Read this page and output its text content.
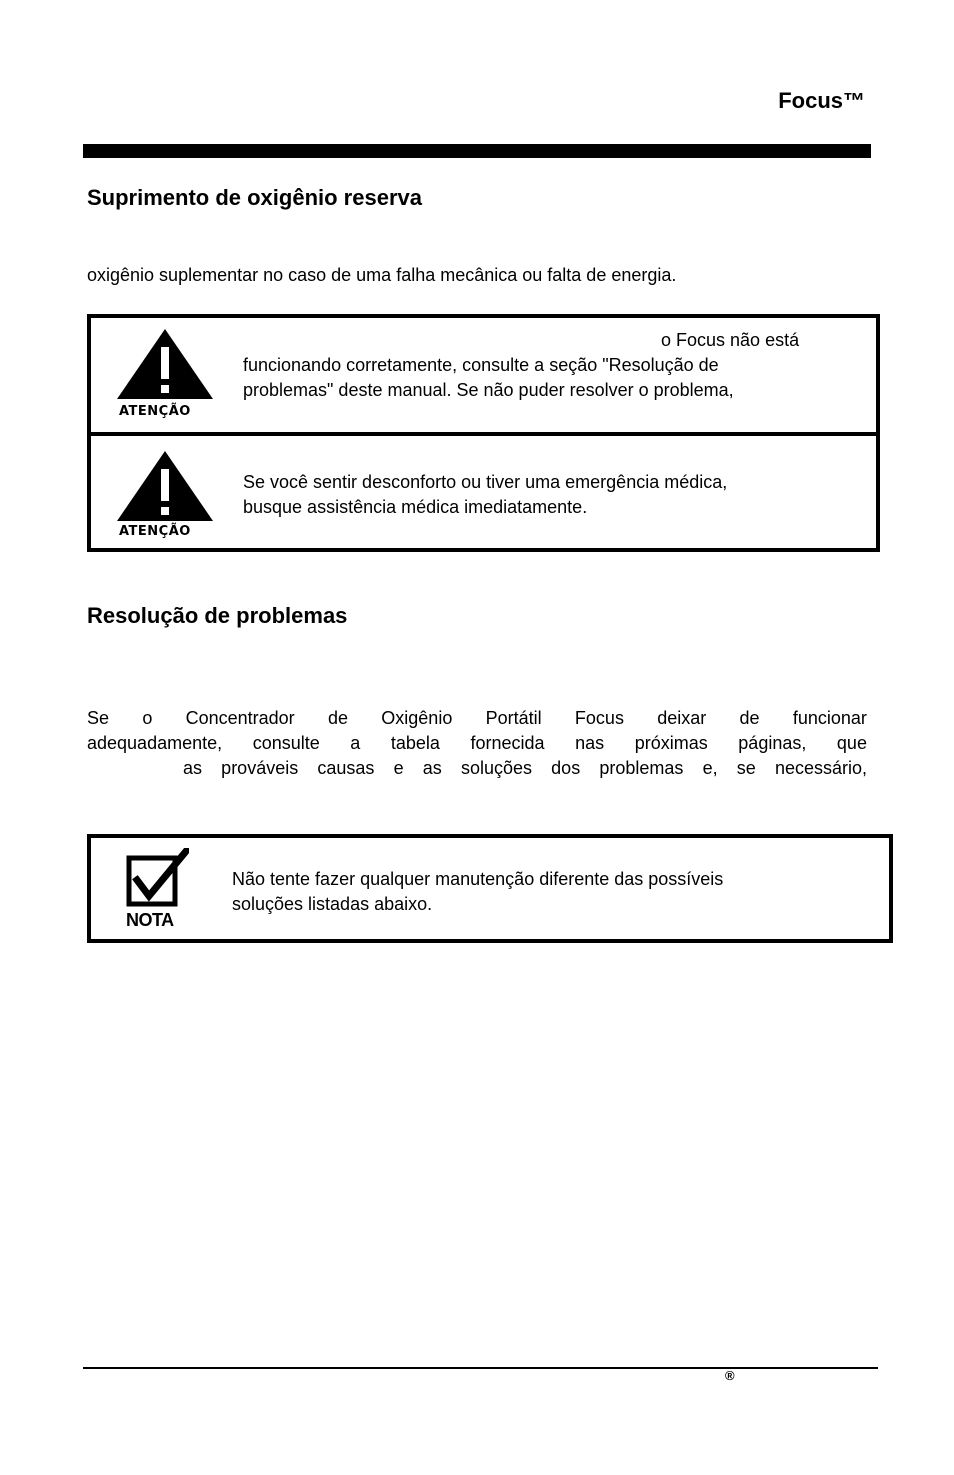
Focus™
Suprimento de oxigênio reserva
oxigênio suplementar no caso de uma falha mecânica ou falta de energia.
ATENÇÃO
o Focus não está
funcionando corretamente, consulte a seção "Resolução de
problemas" deste manual. Se não puder resolver o problema,
ATENÇÃO
Se você sentir desconforto ou tiver uma emergência médica,
busque assistência médica imediatamente.
Resolução de problemas
Se o Concentrador de Oxigênio Portátil Focus deixar de funcionar
adequadamente, consulte a tabela fornecida nas próximas páginas, que
as prováveis causas e as soluções dos problemas e, se necessário,
NOTA
Não tente fazer qualquer manutenção diferente das possíveis
soluções listadas abaixo.
®
